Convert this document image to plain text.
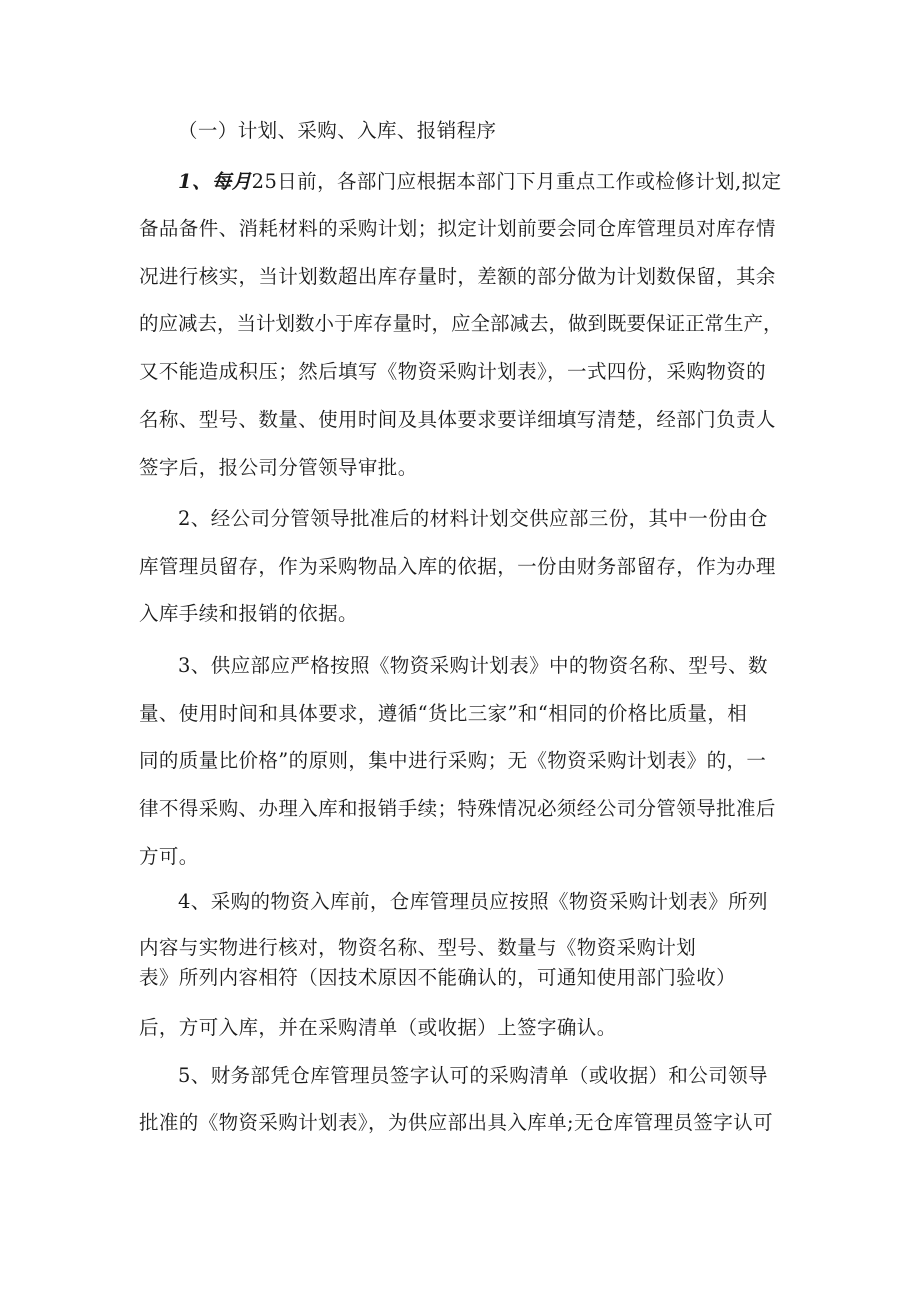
（一）计划、采购、入库、报销程序
1、每月25日前，各部门应根据本部门下月重点工作或检修计划,拟定
备品备件、消耗材料的采购计划；拟定计划前要会同仓库管理员对库存情
况进行核实，当计划数超出库存量时，差额的部分做为计划数保留，其余
的应减去，当计划数小于库存量时，应全部减去，做到既要保证正常生产，
又不能造成积压；然后填写《物资采购计划表》，一式四份，采购物资的
名称、型号、数量、使用时间及具体要求要详细填写清楚，经部门负责人
签字后，报公司分管领导审批。
2、经公司分管领导批准后的材料计划交供应部三份，其中一份由仓
库管理员留存，作为采购物品入库的依据，一份由财务部留存，作为办理
入库手续和报销的依据。
3、供应部应严格按照《物资采购计划表》中的物资名称、型号、数
量、使用时间和具体要求，遵循“货比三家”和“相同的价格比质量，相
同的质量比价格”的原则，集中进行采购；无《物资采购计划表》的，一
律不得采购、办理入库和报销手续；特殊情况必须经公司分管领导批准后
方可。
4、采购的物资入库前，仓库管理员应按照《物资采购计划表》所列
内容与实物进行核对，物资名称、型号、数量与《物资采购计划
表》所列内容相符（因技术原因不能确认的，可通知使用部门验收）
后，方可入库，并在采购清单（或收据）上签字确认。
5、财务部凭仓库管理员签字认可的采购清单（或收据）和公司领导
批准的《物资采购计划表》，为供应部出具入库单;无仓库管理员签字认可
